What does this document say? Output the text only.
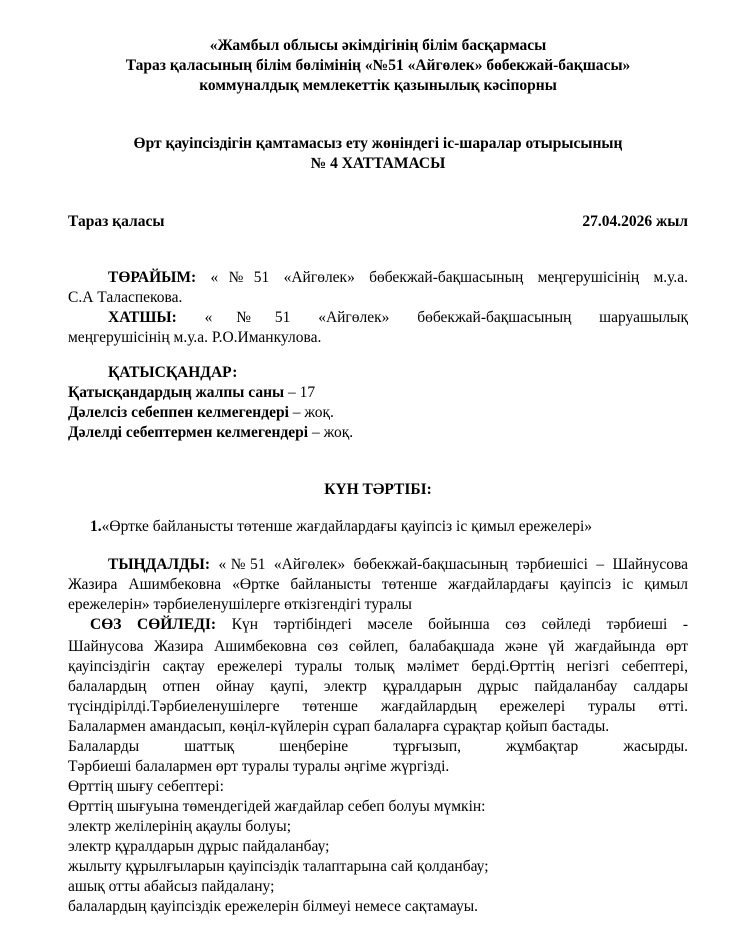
«Жамбыл облысы әкімдігінің білім басқармасы
Тараз қаласының білім бөлімінің «№51 «Айгөлек» бөбекжай-бақшасы»
коммуналдық мемлекеттік қазынылық кәсіпорны
Өрт қауіпсіздігін қамтамасыз ету жөніндегі іс-шаралар отырысының
№ 4 ХАТТАМАСЫ
Тараз қаласы	27.04.2026 жыл
ТӨРАЙЫМ: «№51 «Айгөлек» бөбекжай-бақшасының меңгерушісінің м.у.а.
С.А Таласпекова.
ХАТШЫ: «№51 «Айгөлек» бөбекжай-бақшасының шаруашылық
меңгерушісінің м.у.а. Р.О.Иманкулова.
ҚАТЫСҚАНДАР:
Қатысқандардың жалпы саны – 17
Дәлелсіз себеппен келмегендері – жоқ.
Дәлелді себептермен келмегендері – жоқ.
КҮН ТӘРТІБІ:
1.«Өртке байланысты төтенше жағдайлардағы қауіпсіз іс қимыл ережелері»
ТЫҢДАЛДЫ: «№51 «Айгөлек» бөбекжай-бақшасының тәрбиешісі – Шайнусова
Жазира Ашимбековна «Өртке байланысты төтенше жағдайлардағы қауіпсіз іс қимыл
ережелерін» тәрбиеленушілерге өткізгендігі туралы
СӨЗ СӨЙЛЕДІ: Күн тәртібіндегі мәселе бойынша сөз сөйледі тәрбиеші -
Шайнусова Жазира Ашимбековна сөз сөйлеп, балабақшада және үй жағдайында өрт
қауіпсіздігін сақтау ережелері туралы толық мәлімет берді.Өрттің негізгі себептері,
балалардың отпен ойнау қаупі, электр құралдарын дұрыс пайдаланбау салдары
түсіндірілді.Тәрбиеленушілерге төтенше жағдайлардың ережелері туралы өтті.
Балалармен амандасып, көңіл-күйлерін сұрап балаларға сұрақтар қойып бастады.
Балаларды шаттық шеңберіне тұрғызып, жұмбақтар жасырды.
Тәрбиеші балалармен өрт туралы туралы әңгіме жүргізді.
Өрттің шығу себептері:
Өрттің шығуына төмендегідей жағдайлар себеп болуы мүмкін:
электр желілерінің ақаулы болуы;
электр құралдарын дұрыс пайдаланбау;
жылыту құрылғыларын қауіпсіздік талаптарына сай қолданбау;
ашық отты абайсыз пайдалану;
балалардың қауіпсіздік ережелерін білмеуі немесе сақтамауы.
